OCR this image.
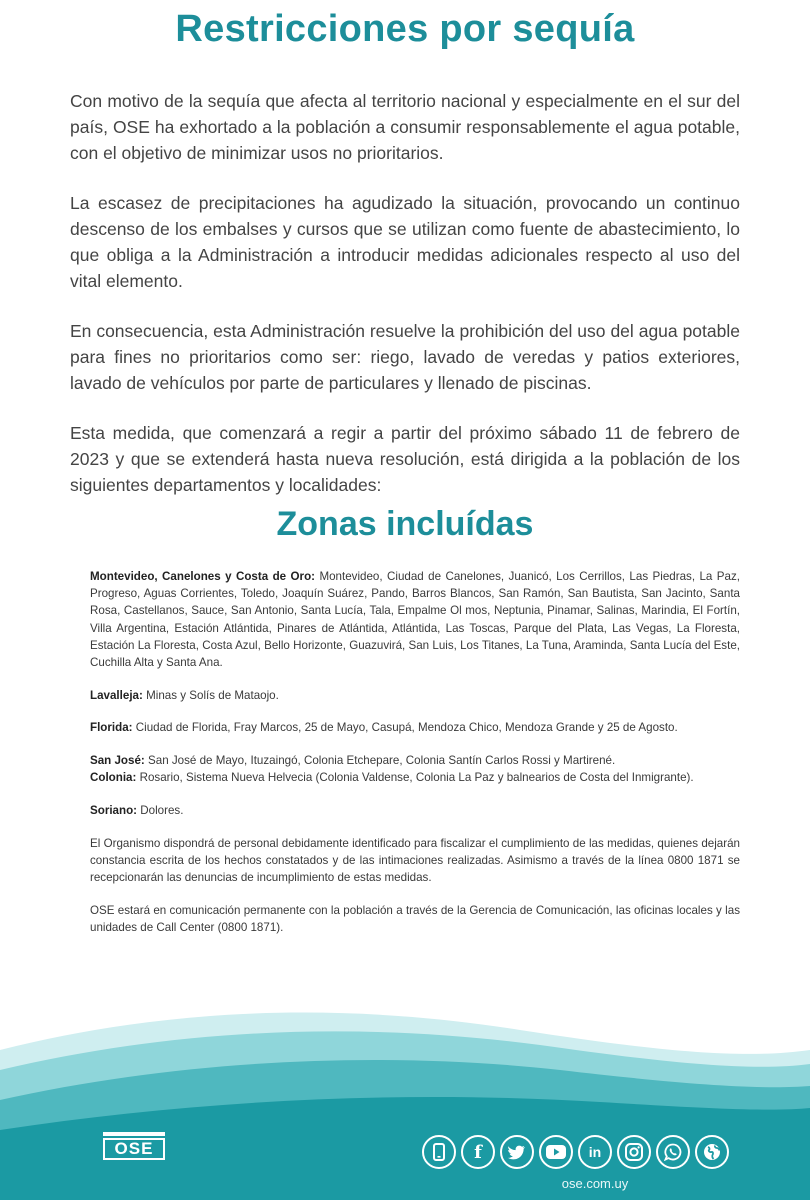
Restricciones por sequía

Con motivo de la sequía que afecta al territorio nacional y especialmente en el sur del país, OSE ha exhortado a la población a consumir responsablemente el agua potable, con el objetivo de minimizar usos no prioritarios.

La escasez de precipitaciones ha agudizado la situación, provocando un continuo descenso de los embalses y cursos que se utilizan como fuente de abastecimiento, lo que obliga a la Administración a introducir medidas adicionales respecto al uso del vital elemento.

En consecuencia, esta Administración resuelve la prohibición del uso del agua potable para fines no prioritarios como ser: riego, lavado de veredas y patios exteriores, lavado de vehículos por parte de particulares y llenado de piscinas.

Esta medida, que comenzará a regir a partir del próximo sábado 11 de febrero de 2023 y que se extenderá hasta nueva resolución, está dirigida a la población de los siguientes departamentos y localidades:

Zonas incluídas

Montevideo, Canelones y Costa de Oro: Montevideo, Ciudad de Canelones, Juanicó, Los Cerrillos, Las Piedras, La Paz, Progreso, Aguas Corrientes, Toledo, Joaquín Suárez, Pando, Barros Blancos, San Ramón, San Bautista, San Jacinto, Santa Rosa, Castellanos, Sauce, San Antonio, Santa Lucía, Tala, Empalme Ol mos, Neptunia, Pinamar, Salinas, Marindia, El Fortín, Villa Argentina, Estación Atlántida, Pinares de Atlántida, Atlántida, Las Toscas, Parque del Plata, Las Vegas, La Floresta, Estación La Floresta, Costa Azul, Bello Horizonte, Guazuvirá, San Luis, Los Titanes, La Tuna, Araminda, Santa Lucía del Este, Cuchilla Alta y Santa Ana.

Lavalleja: Minas y Solís de Mataojo.

Florida: Ciudad de Florida, Fray Marcos, 25 de Mayo, Casupá, Mendoza Chico, Mendoza Grande y 25 de Agosto.

San José: San José de Mayo, Ituzaingó, Colonia Etchepare, Colonia Santín Carlos Rossi y Martirené.

Colonia: Rosario, Sistema Nueva Helvecia (Colonia Valdense, Colonia La Paz y balnearios de Costa del Inmigrante).

Soriano: Dolores.

El Organismo dispondrá de personal debidamente identificado para fiscalizar el cumplimiento de las medidas, quienes dejarán constancia escrita de los hechos constatados y de las intimaciones realizadas. Asimismo a través de la línea 0800 1871 se recepcionarán las denuncias de incumplimiento de estas medidas.

OSE estará en comunicación permanente con la población a través de la Gerencia de Comunicación, las oficinas locales y las unidades de Call Center (0800 1871).

OSE	f	in
ose.com.uy
